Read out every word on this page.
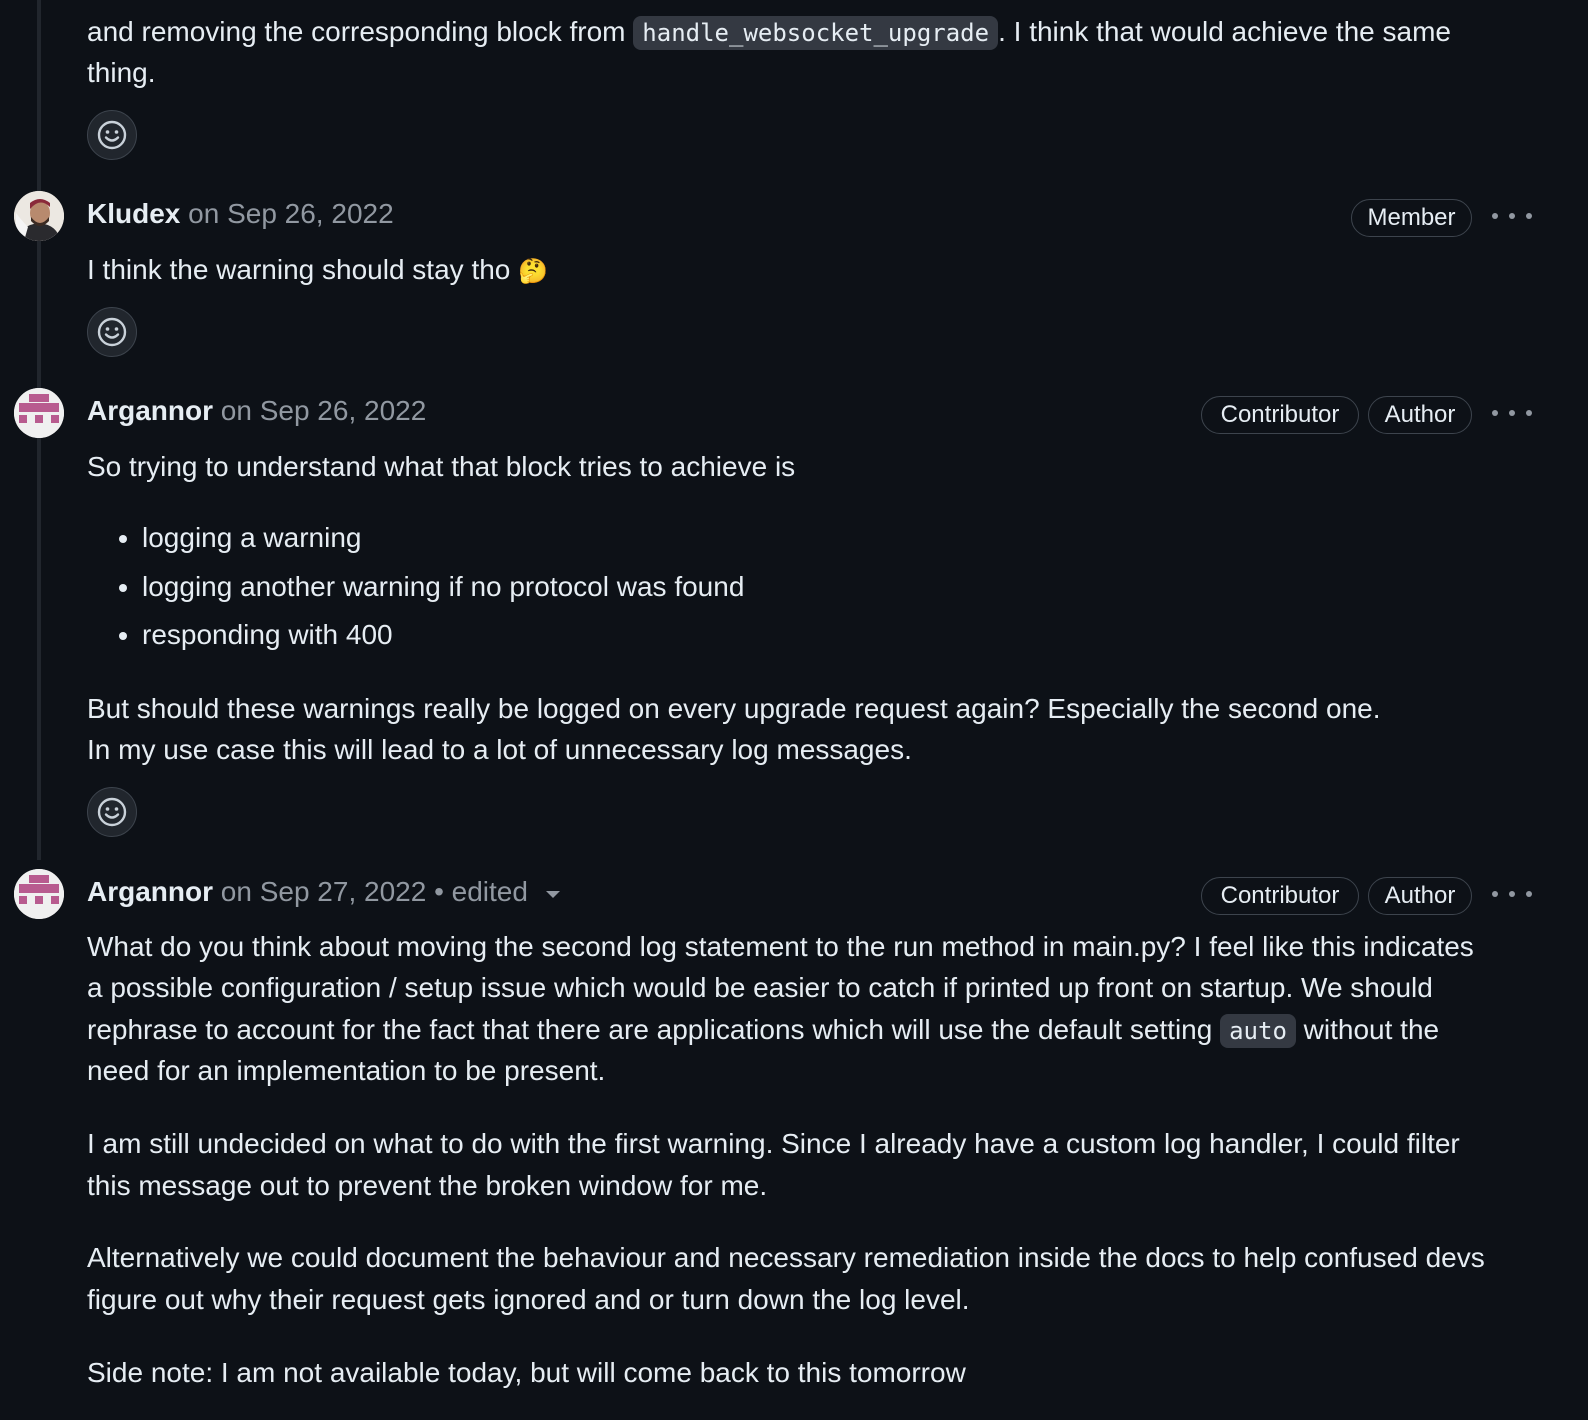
and removing the corresponding block from handle_websocket_upgrade . I think that would achieve the same
thing.
Kludex on Sep 26, 2022	Member
I think the warning should stay tho 🤔
Argannor on Sep 26, 2022	Contributor	Author
So trying to understand what that block tries to achieve is
• logging a warning
• logging another warning if no protocol was found
• responding with 400
But should these warnings really be logged on every upgrade request again? Especially the second one.
In my use case this will lead to a lot of unnecessary log messages.
Argannor on Sep 27, 2022 • edited	Contributor	Author
What do you think about moving the second log statement to the run method in main.py? I feel like this indicates
a possible configuration / setup issue which would be easier to catch if printed up front on startup. We should
rephrase to account for the fact that there are applications which will use the default setting auto without the
need for an implementation to be present.
I am still undecided on what to do with the first warning. Since I already have a custom log handler, I could filter
this message out to prevent the broken window for me.
Alternatively we could document the behaviour and necessary remediation inside the docs to help confused devs
figure out why their request gets ignored and or turn down the log level.
Side note: I am not available today, but will come back to this tomorrow
